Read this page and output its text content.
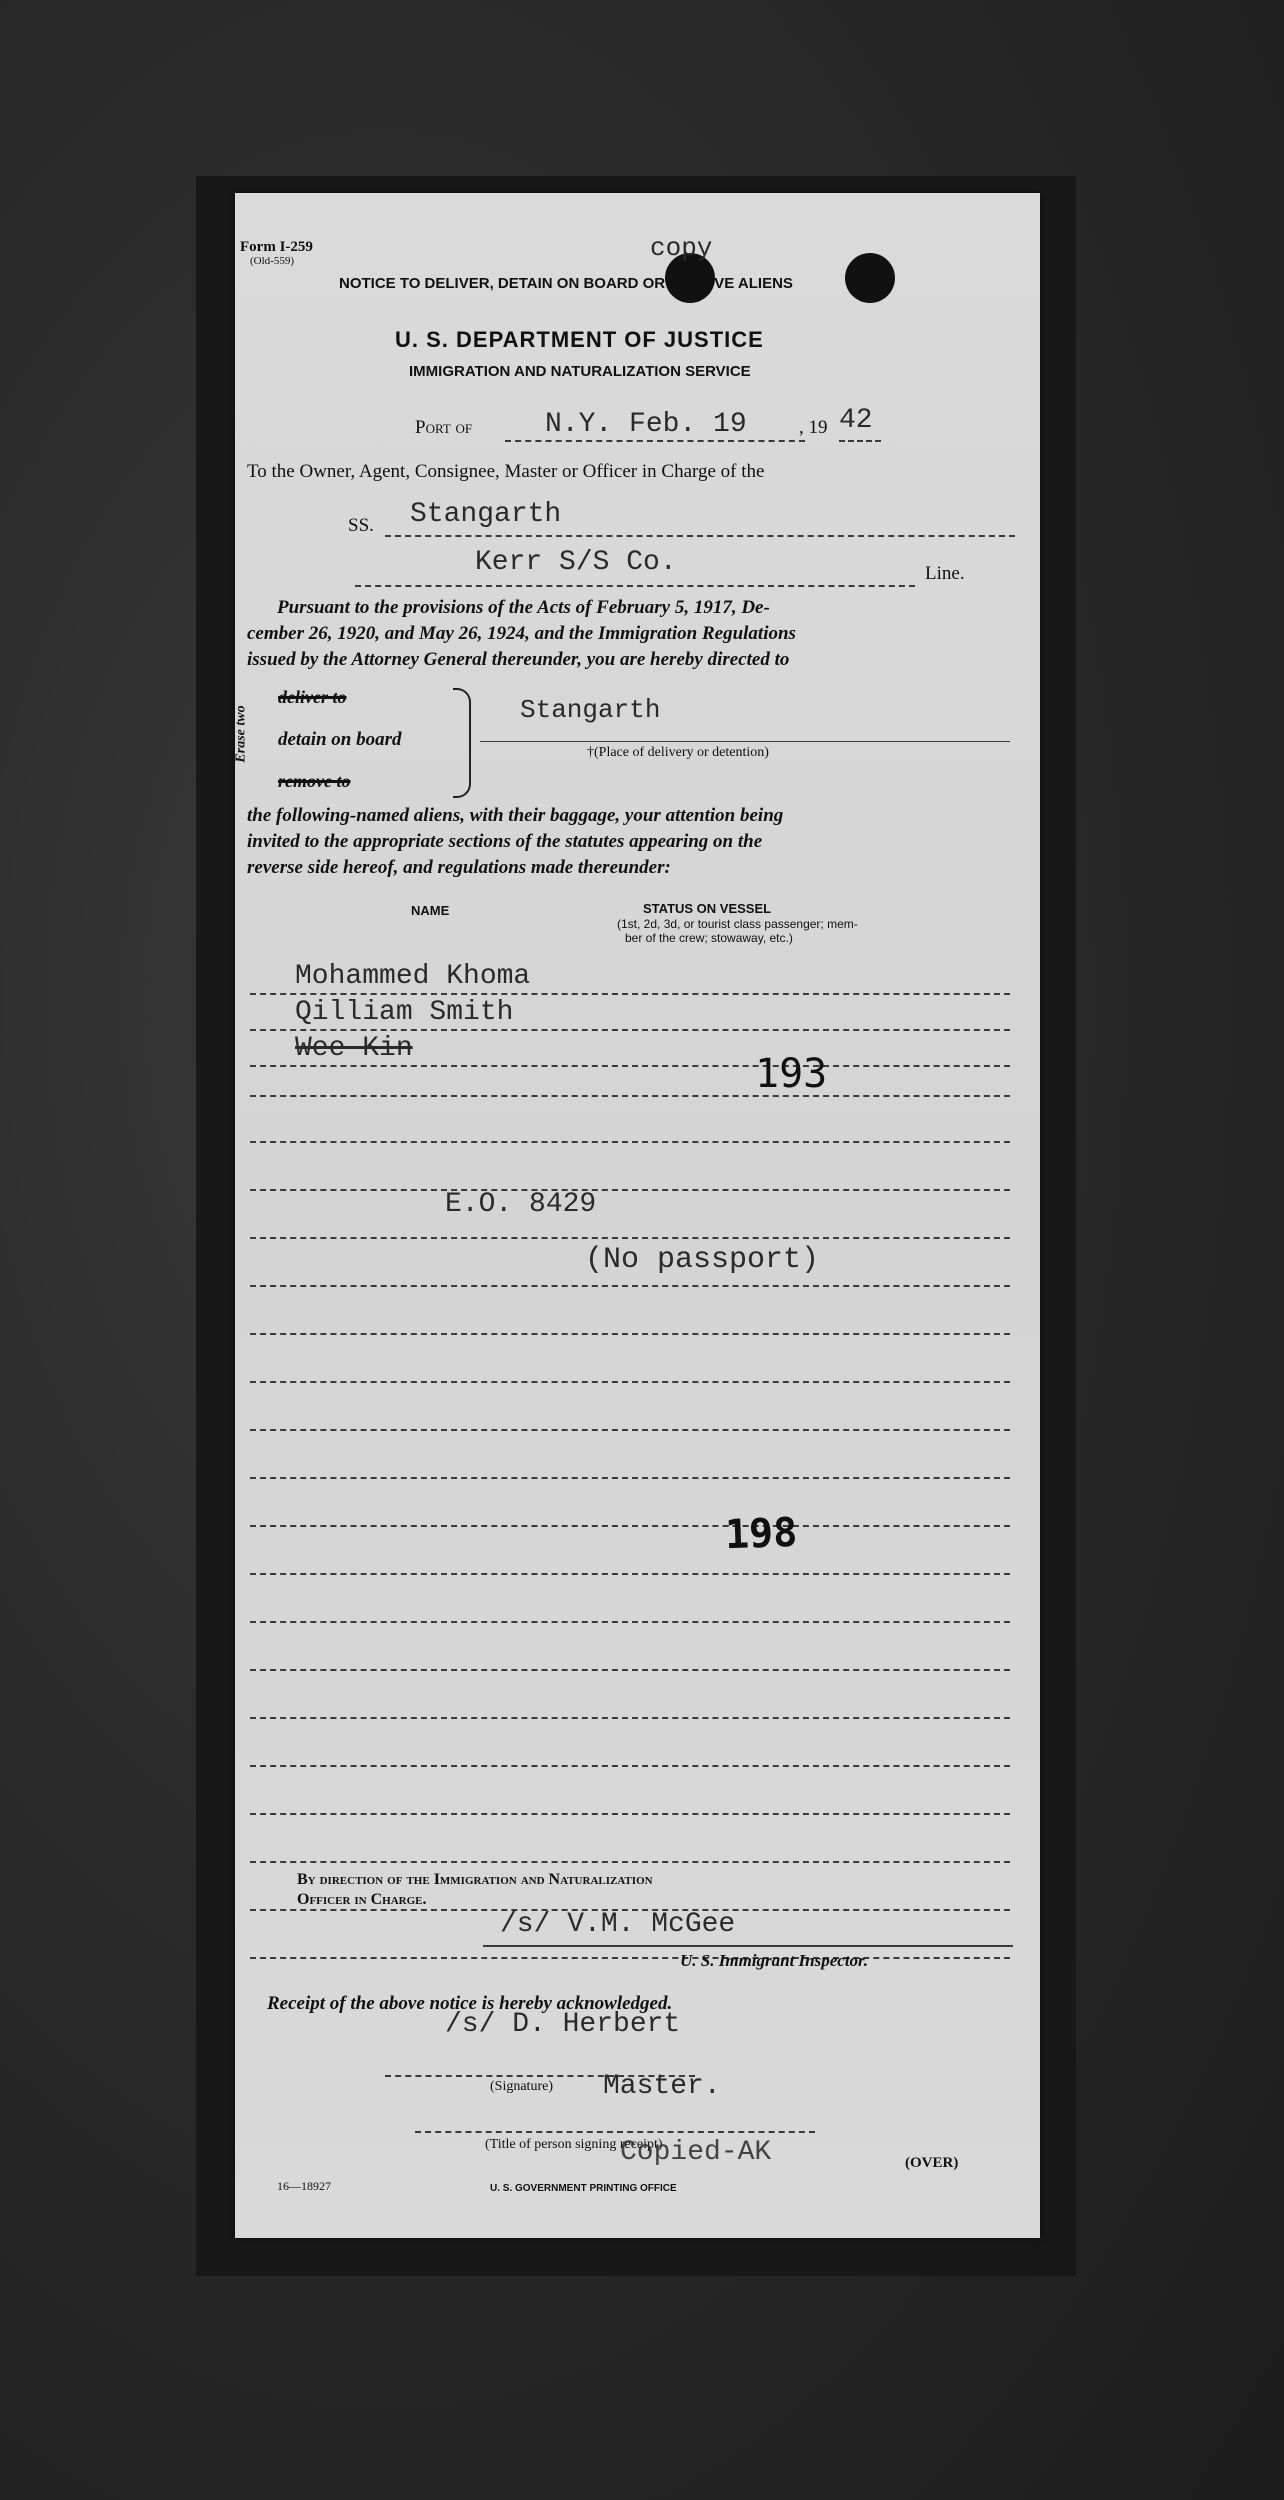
Form I-259
(Old-559)	copy
NOTICE TO DELIVER, DETAIN ON BOARD OR REMOVE ALIENS
U. S. DEPARTMENT OF JUSTICE
IMMIGRATION AND NATURALIZATION SERVICE
Port of	N.Y. Feb. 19	, 19 42
To the Owner, Agent, Consignee, Master or Officer in Charge of the
SS. Stangarth
Kerr S/S Co.	Line.
Pursuant to the provisions of the Acts of February 5, 1917, De-
cember 26, 1920, and May 26, 1924, and the Immigration Regulations
issued by the Attorney General thereunder, you are hereby directed to
Erase two
deliver to
detain on board
remove to
Stangarth
†(Place of delivery or detention)
the following-named aliens, with their baggage, your attention being
invited to the appropriate sections of the statutes appearing on the
reverse side hereof, and regulations made thereunder:
NAME	STATUS ON VESSEL
(1st, 2d, 3d, or tourist class passenger; mem-
ber of the crew; stowaway, etc.)
Mohammed Khoma
Qilliam Smith
Wee Kin
193
E.O. 8429
(No passport)
198
By direction of the Immigration and Naturalization
Officer in Charge.
/s/ V.M. McGee
U. S. Immigrant Inspector.
Receipt of the above notice is hereby acknowledged.
/s/ D. Herbert
(Signature) Master.
(Title of person signing receipt)
Copied-AK
16—18927	U. S. GOVERNMENT PRINTING OFFICE
(OVER)
